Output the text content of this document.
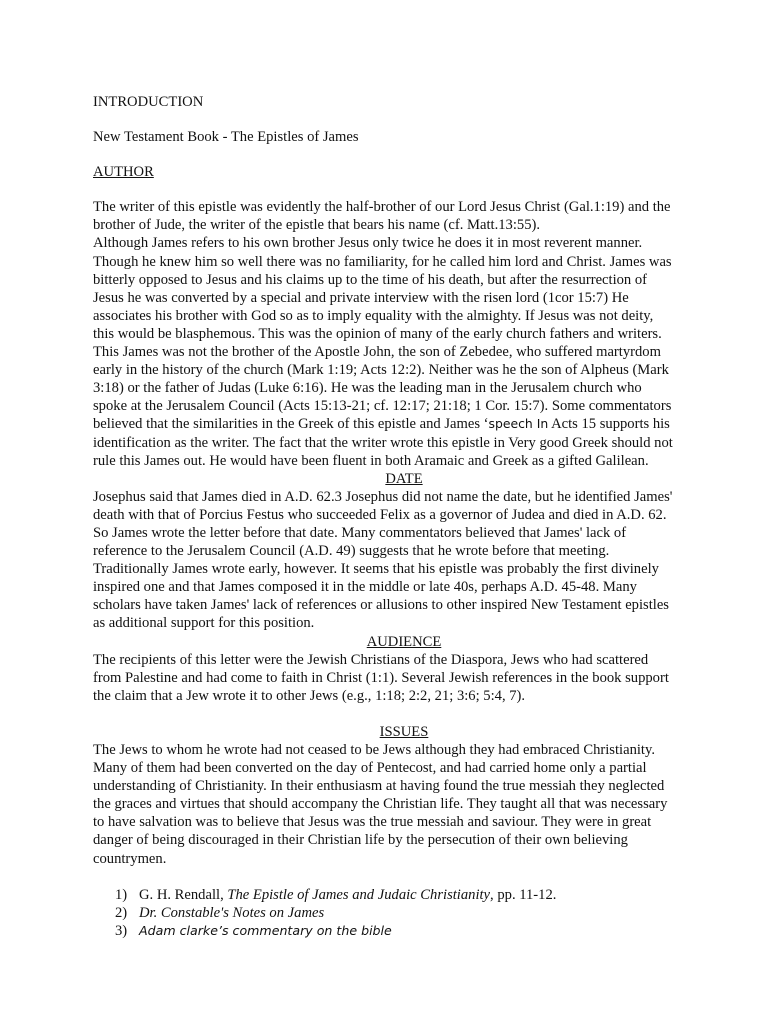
INTRODUCTION

New Testament Book - The Epistles of James

AUTHOR

The writer of this epistle was evidently the half-brother of our Lord Jesus Christ (Gal.1:19) and the

brother of Jude, the writer of the epistle that bears his name (cf. Matt.13:55).

Although James refers to his own brother Jesus only twice he does it in most reverent manner.

Though he knew him so well there was no familiarity, for he called him lord and Christ. James was

bitterly opposed to Jesus and his claims up to the time of his death, but after the resurrection of

Jesus he was converted by a special and private interview with the risen lord (1cor 15:7) He

associates his brother with God so as to imply equality with the almighty. If Jesus was not deity,

this would be blasphemous. This was the opinion of many of the early church fathers and writers.

This James was not the brother of the Apostle John, the son of Zebedee, who suffered martyrdom

early in the history of the church (Mark 1:19; Acts 12:2). Neither was he the son of Alpheus (Mark

3:18) or the father of Judas (Luke 6:16). He was the leading man in the Jerusalem church who

spoke at the Jerusalem Council (Acts 15:13-21; cf. 12:17; 21:18; 1 Cor. 15:7). Some commentators

believed that the similarities in the Greek of this epistle and James ‘speech In Acts 15 supports his

identification as the writer. The fact that the writer wrote this epistle in Very good Greek should not

rule this James out. He would have been fluent in both Aramaic and Greek as a gifted Galilean.

DATE

Josephus said that James died in A.D. 62.3 Josephus did not name the date, but he identified James'

death with that of Porcius Festus who succeeded Felix as a governor of Judea and died in A.D. 62.

So James wrote the letter before that date. Many commentators believed that James' lack of

reference to the Jerusalem Council (A.D. 49) suggests that he wrote before that meeting.

Traditionally James wrote early, however. It seems that his epistle was probably the first divinely

inspired one and that James composed it in the middle or late 40s, perhaps A.D. 45-48. Many

scholars have taken James' lack of references or allusions to other inspired New Testament epistles

as additional support for this position.

AUDIENCE

The recipients of this letter were the Jewish Christians of the Diaspora, Jews who had scattered

from Palestine and had come to faith in Christ (1:1). Several Jewish references in the book support

the claim that a Jew wrote it to other Jews (e.g., 1:18; 2:2, 21; 3:6; 5:4, 7).

ISSUES

The Jews to whom he wrote had not ceased to be Jews although they had embraced Christianity.

Many of them had been converted on the day of Pentecost, and had carried home only a partial

understanding of Christianity. In their enthusiasm at having found the true messiah they neglected

the graces and virtues that should accompany the Christian life. They taught all that was necessary

to have salvation was to believe that Jesus was the true messiah and saviour. They were in great

danger of being discouraged in their Christian life by the persecution of their own believing

countrymen.

1) G. H. Rendall, The Epistle of James and Judaic Christianity, pp. 11-12.

2) Dr. Constable's Notes on James

3) Adam clarke’s commentary on the bible
